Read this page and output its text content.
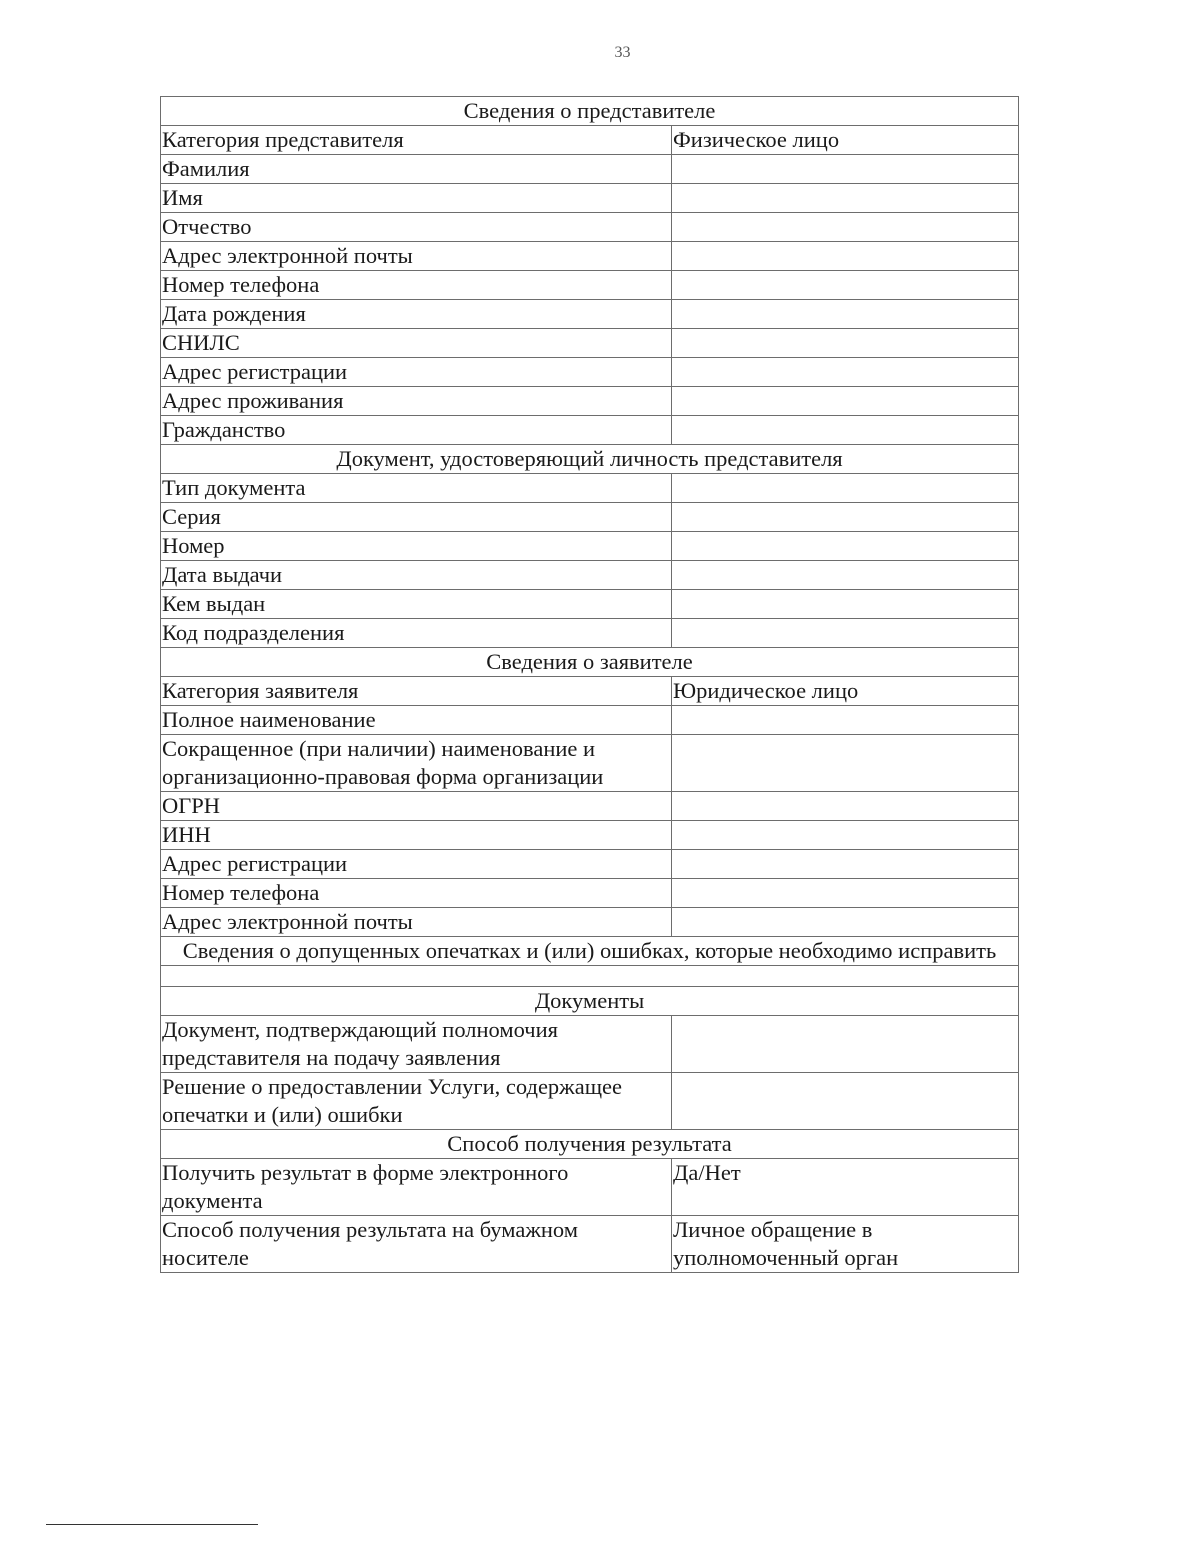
33
Сведения о представителе	
Категория представителя	Физическое лицо
Фамилия	
Имя	
Отчество	
Адрес электронной почты	
Номер телефона	
Дата рождения	
СНИЛС	
Адрес регистрации	
Адрес проживания	
Гражданство	
Документ, удостоверяющий личность представителя	
Тип документа	
Серия	
Номер	
Дата выдачи	
Кем выдан	
Код подразделения	
Сведения о заявителе	
Категория заявителя	Юридическое лицо
Полное наименование	
Сокращенное (при наличии) наименование и организационно-правовая форма организации	
ОГРН	
ИНН	
Адрес регистрации	
Номер телефона	
Адрес электронной почты	
Сведения о допущенных опечатках и (или) ошибках, которые необходимо исправить	

Документы	
Документ, подтверждающий полномочия представителя на подачу заявления	
Решение о предоставлении Услуги, содержащее опечатки и (или) ошибки	
Способ получения результата	
Получить результат в форме электронного документа	Да/Нет
Способ получения результата на бумажном носителе	Личное обращение в уполномоченный орган
